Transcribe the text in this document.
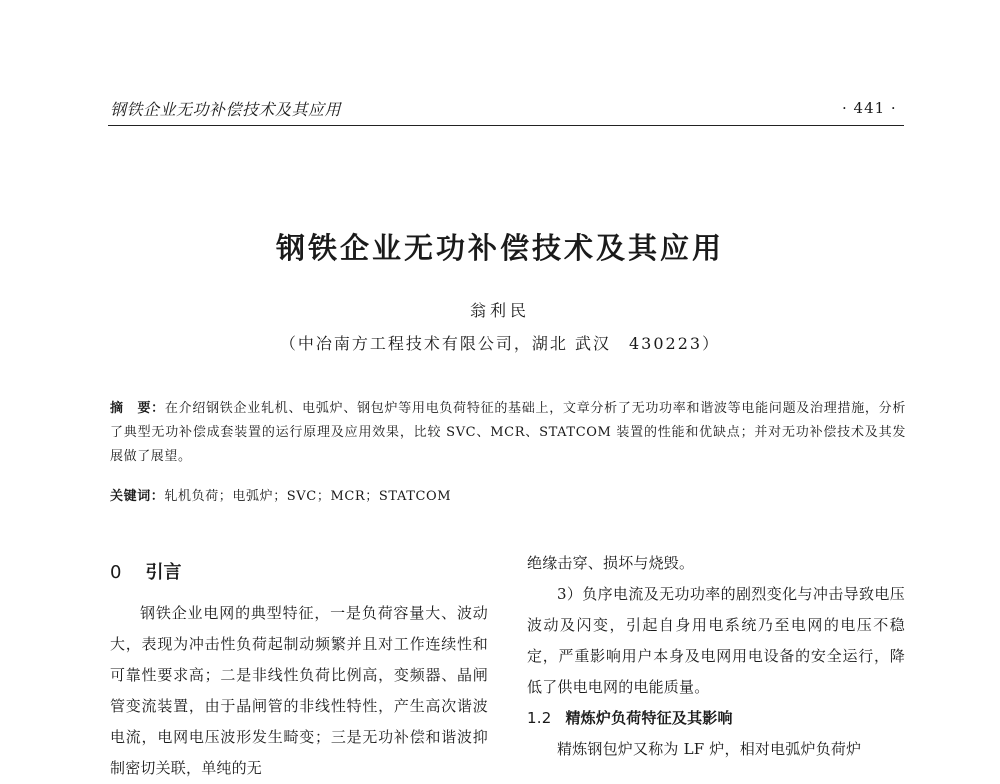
钢铁企业无功补偿技术及其应用	· 441 ·
钢铁企业无功补偿技术及其应用
翁利民
（中冶南方工程技术有限公司，湖北 武汉　430223）
摘　要：在介绍钢铁企业轧机、电弧炉、钢包炉等用电负荷特征的基础上，文章分析了无功功率和谐波等电能问题及治理措施，分析了典型无功补偿成套装置的运行原理及应用效果，比较 SVC、MCR、STATCOM 装置的性能和优缺点；并对无功补偿技术及其发展做了展望。
关键词：轧机负荷；电弧炉；SVC；MCR；STATCOM
0 引言

钢铁企业电网的典型特征，一是负荷容量大、波动大，表现为冲击性负荷起制动频繁并且对工作连续性和可靠性要求高；二是非线性负荷比例高，变频器、晶闸管变流装置，由于晶闸管的非线性特性，产生高次谐波电流，电网电压波形发生畸变；三是无功补偿和谐波抑制密切关联，单纯的无

绝缘击穿、损坏与烧毁。

3）负序电流及无功功率的剧烈变化与冲击导致电压波动及闪变，引起自身用电系统乃至电网的电压不稳定，严重影响用户本身及电网用电设备的安全运行，降低了供电电网的电能质量。

1.2 精炼炉负荷特征及其影响

精炼钢包炉又称为 LF 炉，相对电弧炉负荷炉
